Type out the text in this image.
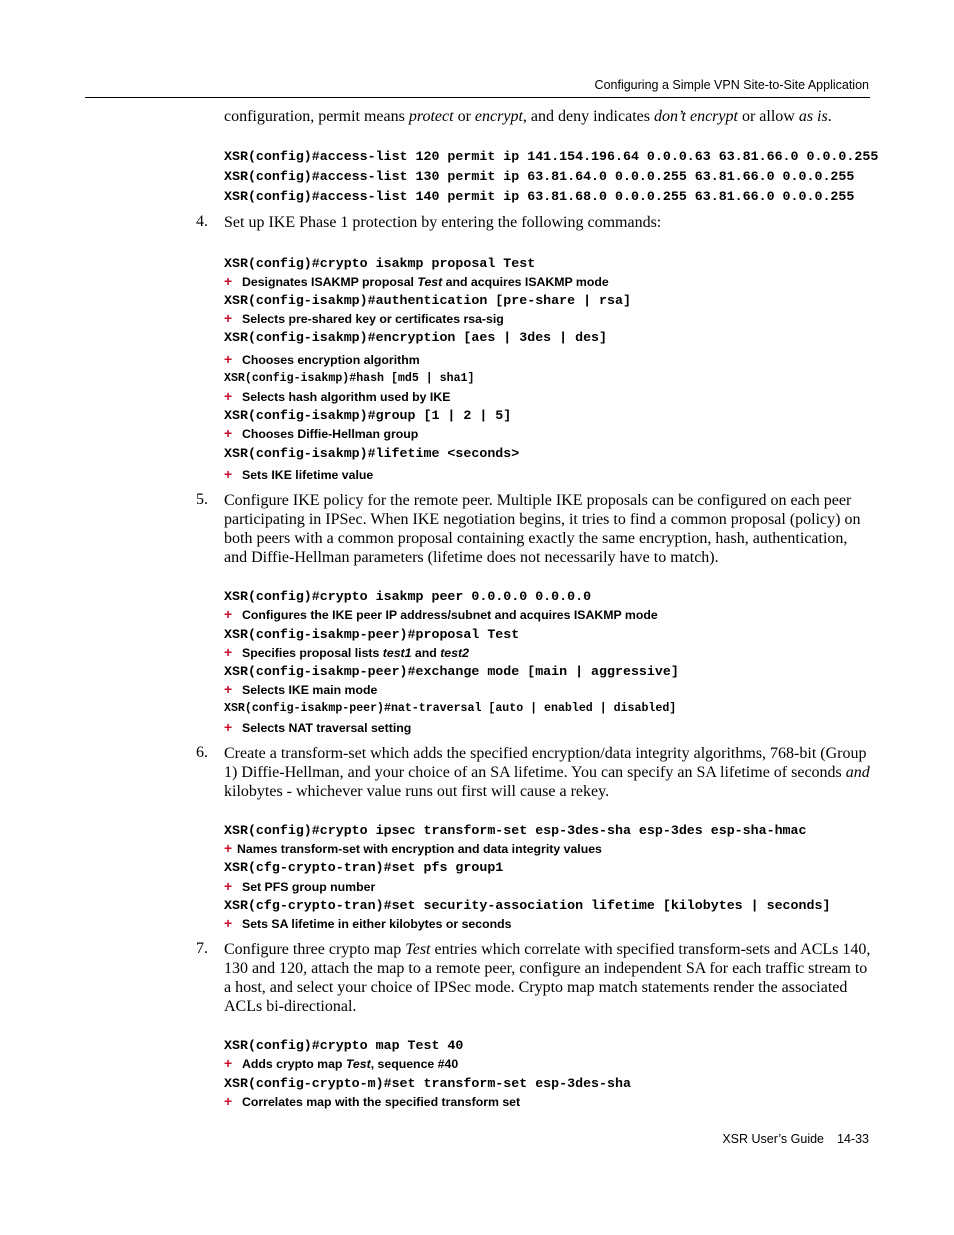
Configuring a Simple VPN Site-to-Site Application
configuration, permit means protect or encrypt, and deny indicates don’t encrypt or allow as is.
XSR(config)#access-list 120 permit ip 141.154.196.64 0.0.0.63 63.81.66.0 0.0.0.255
XSR(config)#access-list 130 permit ip 63.81.64.0 0.0.0.255 63.81.66.0 0.0.0.255
XSR(config)#access-list 140 permit ip 63.81.68.0 0.0.0.255 63.81.66.0 0.0.0.255
4. Set up IKE Phase 1 protection by entering the following commands:
XSR(config)#crypto isakmp proposal Test
+ Designates ISAKMP proposal Test and acquires ISAKMP mode
XSR(config-isakmp)#authentication [pre-share | rsa]
+ Selects pre-shared key or certificates rsa-sig
XSR(config-isakmp)#encryption [aes | 3des | des]
+ Chooses encryption algorithm
XSR(config-isakmp)#hash [md5 | sha1]
+ Selects hash algorithm used by IKE
XSR(config-isakmp)#group [1 | 2 | 5]
+ Chooses Diffie-Hellman group
XSR(config-isakmp)#lifetime <seconds>
+ Sets IKE lifetime value
5. Configure IKE policy for the remote peer. Multiple IKE proposals can be configured on each peer participating in IPSec. When IKE negotiation begins, it tries to find a common proposal (policy) on both peers with a common proposal containing exactly the same encryption, hash, authentication, and Diffie-Hellman parameters (lifetime does not necessarily have to match).
XSR(config)#crypto isakmp peer 0.0.0.0 0.0.0.0
+ Configures the IKE peer IP address/subnet and acquires ISAKMP mode
XSR(config-isakmp-peer)#proposal Test
+ Specifies proposal lists test1 and test2
XSR(config-isakmp-peer)#exchange mode [main | aggressive]
+ Selects IKE main mode
XSR(config-isakmp-peer)#nat-traversal [auto | enabled | disabled]
+ Selects NAT traversal setting
6. Create a transform-set which adds the specified encryption/data integrity algorithms, 768-bit (Group 1) Diffie-Hellman, and your choice of an SA lifetime. You can specify an SA lifetime of seconds and kilobytes - whichever value runs out first will cause a rekey.
XSR(config)#crypto ipsec transform-set esp-3des-sha esp-3des esp-sha-hmac
+ Names transform-set with encryption and data integrity values
XSR(cfg-crypto-tran)#set pfs group1
+ Set PFS group number
XSR(cfg-crypto-tran)#set security-association lifetime [kilobytes | seconds]
+ Sets SA lifetime in either kilobytes or seconds
7. Configure three crypto map Test entries which correlate with specified transform-sets and ACLs 140, 130 and 120, attach the map to a remote peer, configure an independent SA for each traffic stream to a host, and select your choice of IPSec mode. Crypto map match statements render the associated ACLs bi-directional.
XSR(config)#crypto map Test 40
+ Adds crypto map Test, sequence #40
XSR(config-crypto-m)#set transform-set esp-3des-sha
+ Correlates map with the specified transform set
XSR User’s Guide 14-33
